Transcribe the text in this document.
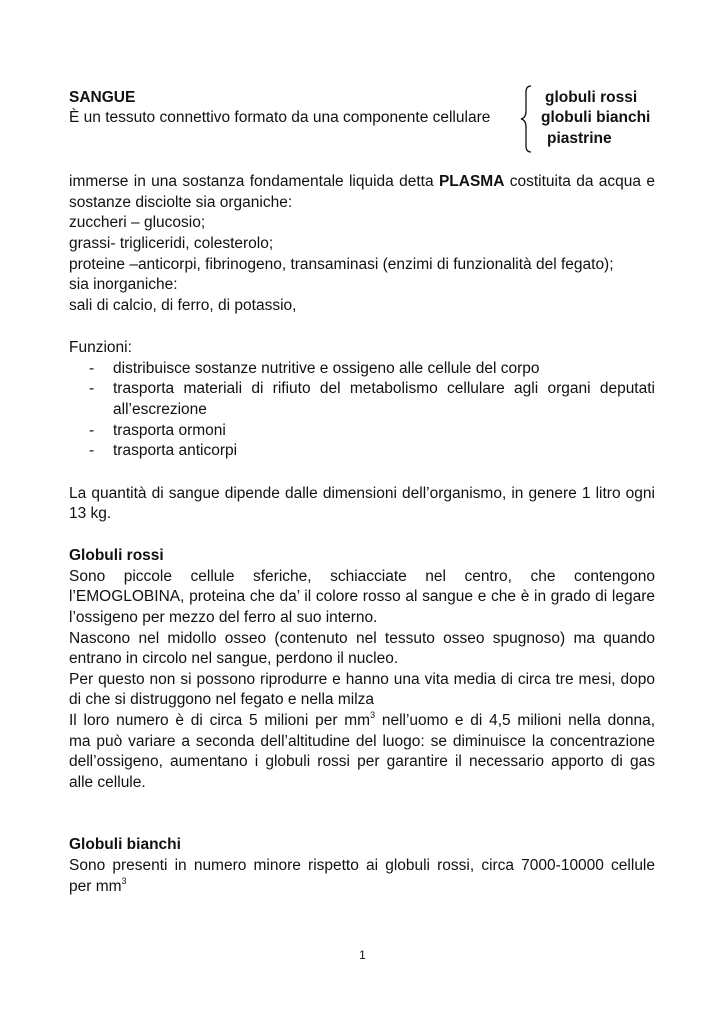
SANGUE
È un tessuto connettivo formato da una componente cellulare
globuli rossi
globuli bianchi
piastrine
immerse in una sostanza fondamentale liquida detta PLASMA costituita da acqua e
sostanze disciolte sia organiche:
zuccheri – glucosio;
grassi- trigliceridi, colesterolo;
proteine –anticorpi, fibrinogeno, transaminasi (enzimi di funzionalità del fegato);
sia inorganiche:
sali di calcio, di ferro, di potassio,
Funzioni:
- distribuisce sostanze nutritive e ossigeno alle cellule del corpo
- trasporta materiali di rifiuto del metabolismo cellulare agli organi deputati
all’escrezione
- trasporta ormoni
- trasporta anticorpi
La quantità di sangue dipende dalle dimensioni dell’organismo, in genere 1 litro ogni
13 kg.
Globuli rossi
Sono piccole cellule sferiche, schiacciate nel centro, che contengono
l’EMOGLOBINA, proteina che da’ il colore rosso al sangue e che è in grado di legare
l’ossigeno per mezzo del ferro al suo interno.
Nascono nel midollo osseo (contenuto nel tessuto osseo spugnoso) ma quando
entrano in circolo nel sangue, perdono il nucleo.
Per questo non si possono riprodurre e hanno una vita media di circa tre mesi, dopo
di che si distruggono nel fegato e nella milza
Il loro numero è di circa 5 milioni per $mm^3$ nell’uomo e di 4,5 milioni nella donna,
ma può variare a seconda dell’altitudine del luogo: se diminuisce la concentrazione
dell’ossigeno, aumentano i globuli rossi per garantire il necessario apporto di gas
alle cellule.
Globuli bianchi
Sono presenti in numero minore rispetto ai globuli rossi, circa 7000-10000 cellule
per $mm^3$
1
